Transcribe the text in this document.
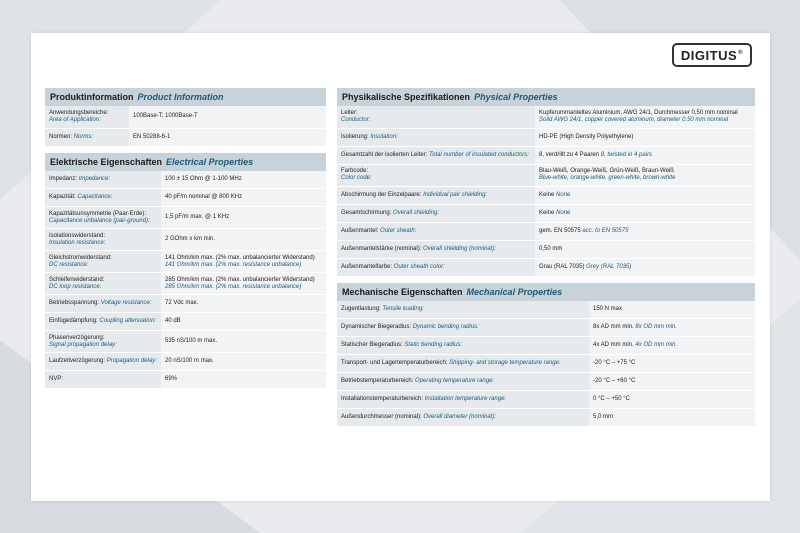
DIGITUS®
Produktinformation Product Information
Anwendungsbereiche:
Area of Application:	100Base-T; 1000Base-T
Normen: Norms:	EN 50288-6-1
Elektrische Eigenschaften Electrical Properties
Impedanz: Impedance:	100 ± 15 Ohm @ 1-100 MHz
Kapazität: Capacitance:	40 pF/m nominal @ 800 KHz
Kapazitätsunsymmetrie (Paar-Erde):
Capacitance unbalance (pair-ground):	1,5 pF/m max. @ 1 KHz
Isolationswiderstand:
Insulation resistance:	2 GOhm x km min.
Gleichstromwiderstand:
DC resistance:	141 Ohm/km max. (2% max. unbalancierter Widerstand)
141 Ohm/km max. (2% max. resistance unbalance)

Schleifenwiderstand:
DC loop resistance:	285 Ohm/km max. (2% max. unbalancierter Widerstand)
285 Ohm/km max. (2% max. resistance unbalance)

Betriebsspannung: Voltage resistance:	72 Vdc max.
Einfügedämpfung: Coupling attenuation:	40 dB
Phasenverzögerung:
Signal propagation delay:	535 nS/100 m max.
Laufzeitverzögerung: Propagation delay:	20 nS/100 m max.
NVP:	69%
Physikalische Spezifikationen Physical Properties
Leiter:
Conductor:	Kupferummanteltes Aluminium, AWG 24/1, Durchmesser 0,50 mm nominal
Solid AWG 24/1, copper covered aluminum, diameter 0.50 mm nominal

Isolierung: Insulation:	HD-PE (High Density Polyethylene)
Gesamtzahl der isolierten Leiter: Total number of insulated conductors:	8, verdrillt zu 4 Paaren 8, twisted in 4 pairs
Farbcode:
Color code:	Blau-Weiß, Orange-Weiß, Grün-Weiß, Braun-Weiß
Blue-white, orange-white, green-white, brown-white

Abschirmung der Einzelpaare: Individual pair shielding:	Keine None
Gesamtschirmung: Overall shielding:	Keine None
Außenmantel: Outer sheath:	gem. EN 50575 acc. to EN 50575
Außenmantelstärke (nominal): Overall shielding (nominal):	0,50 mm
Außenmantelfarbe: Outer sheath color:	Grau (RAL 7035) Grey (RAL 7035)
Mechanische Eigenschaften Mechanical Properties
Zugentlastung: Tensile loading:	150 N max
Dynamischer Biegeradius: Dynamic bending radius:	8x AD mm min. 8x OD mm min.
Statischer Biegeradius: Static bending radius:	4x AD mm min. 4x OD mm min.
Transport- und Lagertemperaturbereich: Shipping- and storage temperature range:	-20 °C – +75 °C
Betriebstemperaturbereich: Operating temperature range:	-20 °C – +60 °C
Installationstemperaturbereich: Installation temperature range:	0 °C – +50 °C
Außendurchmesser (nominal): Overall diameter (nominal):	5,0 mm
